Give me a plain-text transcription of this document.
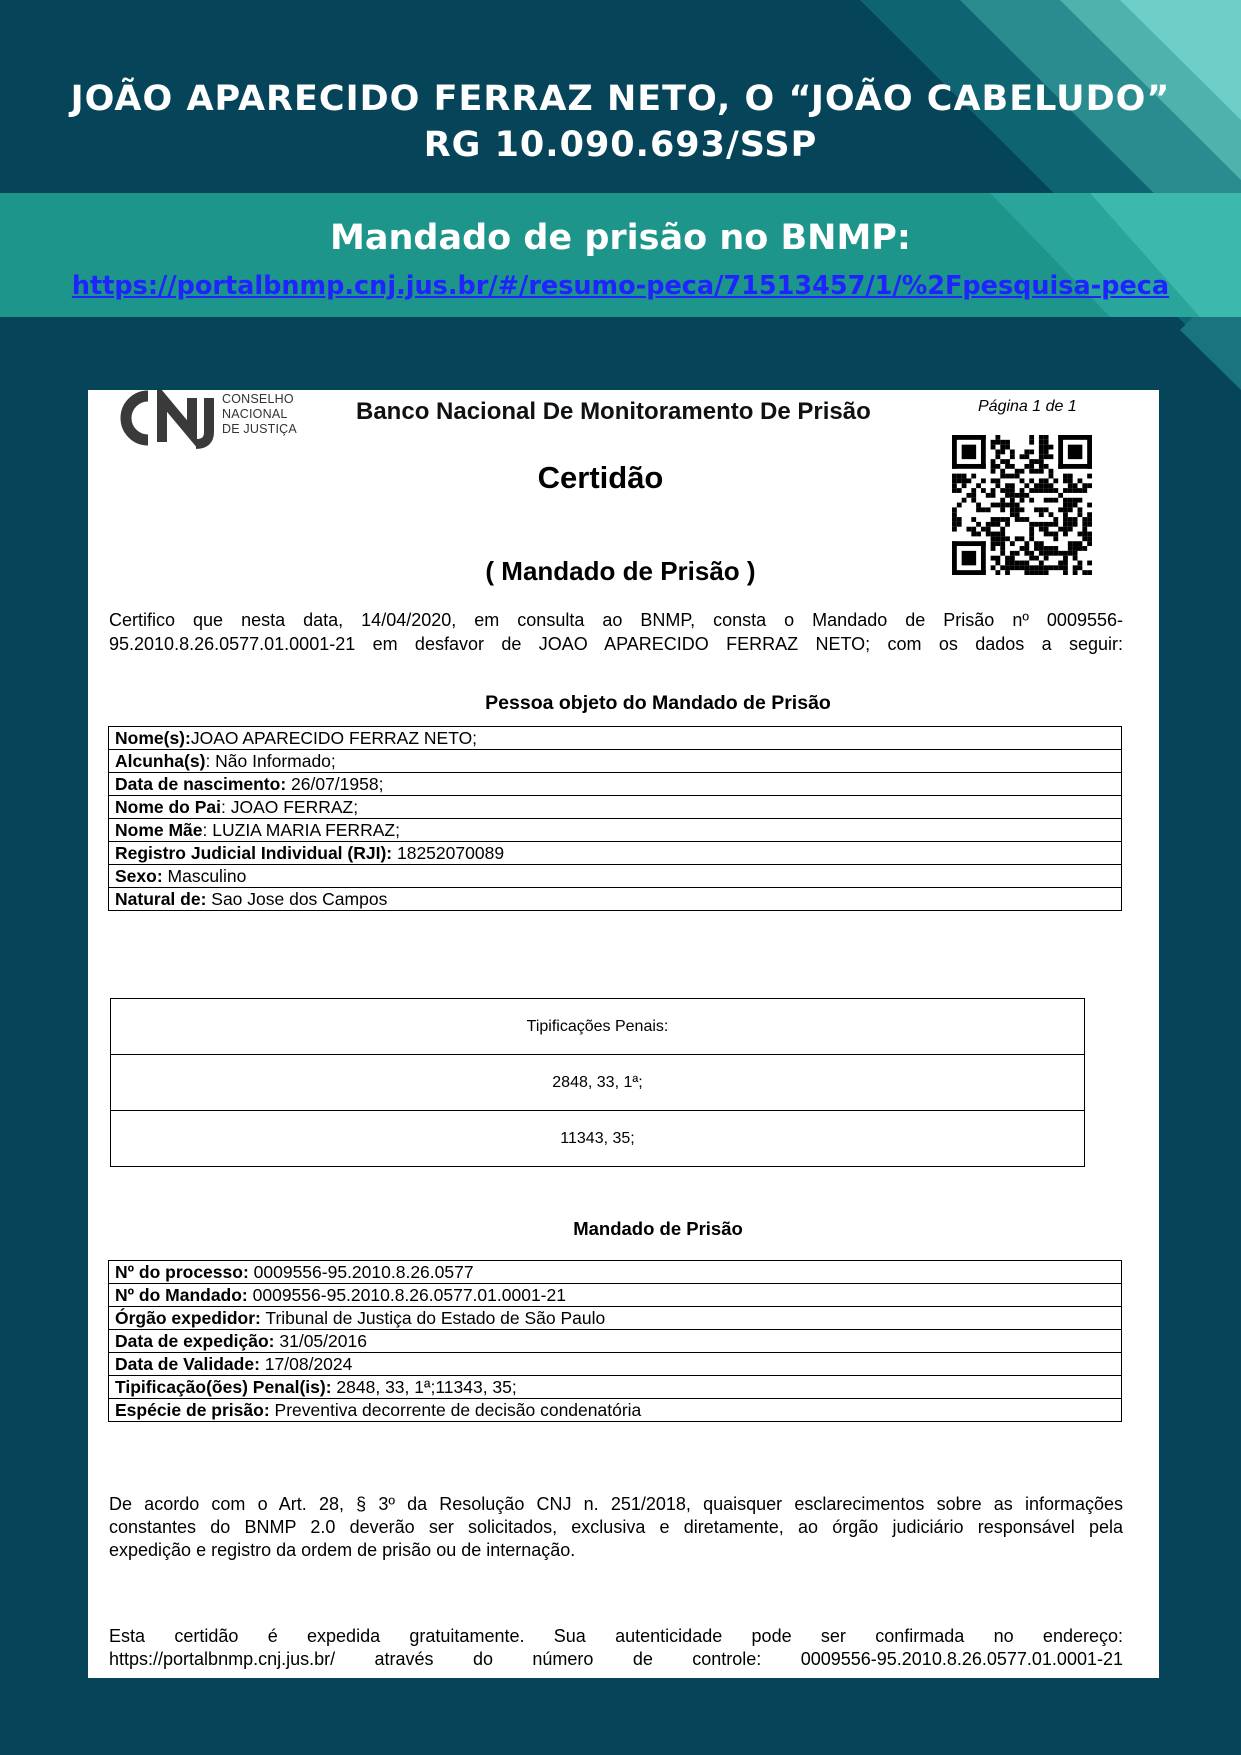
JOÃO APARECIDO FERRAZ NETO, O “JOÃO CABELUDO”
RG 10.090.693/SSP
Mandado de prisão no BNMP:
https://portalbnmp.cnj.jus.br/#/resumo-peca/71513457/1/%2Fpesquisa-peca
CONSELHO
NACIONAL
DE JUSTIÇA
Banco Nacional De Monitoramento De Prisão	Página 1 de 1
Certidão
( Mandado de Prisão )
Certifico que nesta data, 14/04/2020, em consulta ao BNMP, consta o Mandado de Prisão nº 0009556-
95.2010.8.26.0577.01.0001-21 em desfavor de JOAO APARECIDO FERRAZ NETO; com os dados a seguir:
Pessoa objeto do Mandado de Prisão
Nome(s):JOAO APARECIDO FERRAZ NETO;
Alcunha(s): Não Informado;
Data de nascimento: 26/07/1958;
Nome do Pai: JOAO FERRAZ;
Nome Mãe: LUZIA MARIA FERRAZ;
Registro Judicial Individual (RJI): 18252070089
Sexo: Masculino
Natural de: Sao Jose dos Campos
Tipificações Penais:
2848, 33, 1ª;
11343, 35;
Mandado de Prisão
Nº do processo: 0009556-95.2010.8.26.0577
Nº do Mandado: 0009556-95.2010.8.26.0577.01.0001-21
Órgão expedidor: Tribunal de Justiça do Estado de São Paulo
Data de expedição: 31/05/2016
Data de Validade: 17/08/2024
Tipificação(ões) Penal(is): 2848, 33, 1ª;11343, 35;
Espécie de prisão: Preventiva decorrente de decisão condenatória
De acordo com o Art. 28, § 3º da Resolução CNJ n. 251/2018, quaisquer esclarecimentos sobre as informações
constantes do BNMP 2.0 deverão ser solicitados, exclusiva e diretamente, ao órgão judiciário responsável pela
expedição e registro da ordem de prisão ou de internação.
Esta certidão é expedida gratuitamente. Sua autenticidade pode ser confirmada no endereço:
https://portalbnmp.cnj.jus.br/ através do número de controle: 0009556-95.2010.8.26.0577.01.0001-21
